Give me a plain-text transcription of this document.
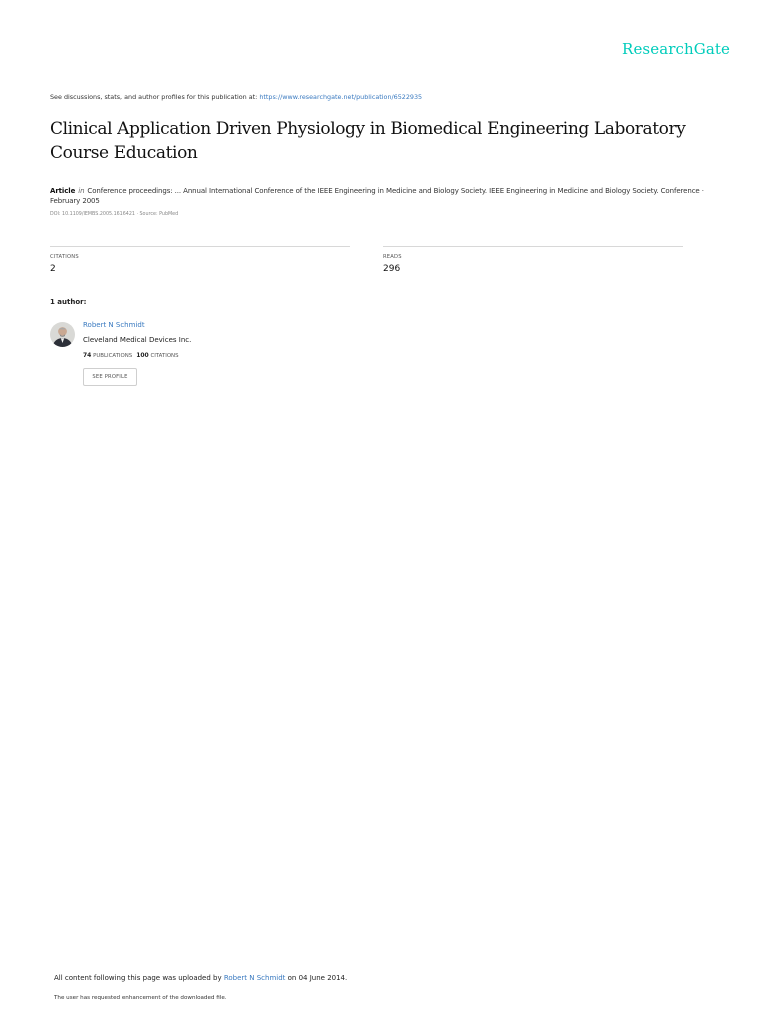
ResearchGate
See discussions, stats, and author profiles for this publication at: https://www.researchgate.net/publication/6522935
Clinical Application Driven Physiology in Biomedical Engineering Laboratory Course Education
Article in Conference proceedings: ... Annual International Conference of the IEEE Engineering in Medicine and Biology Society. IEEE Engineering in Medicine and Biology Society. Conference · February 2005
DOI: 10.1109/IEMBS.2005.1616421 · Source: PubMed
CITATIONS
2
READS
296
1 author:
Robert N Schmidt
Cleveland Medical Devices Inc.
74 PUBLICATIONS 100 CITATIONS
SEE PROFILE
All content following this page was uploaded by Robert N Schmidt on 04 June 2014.
The user has requested enhancement of the downloaded file.
